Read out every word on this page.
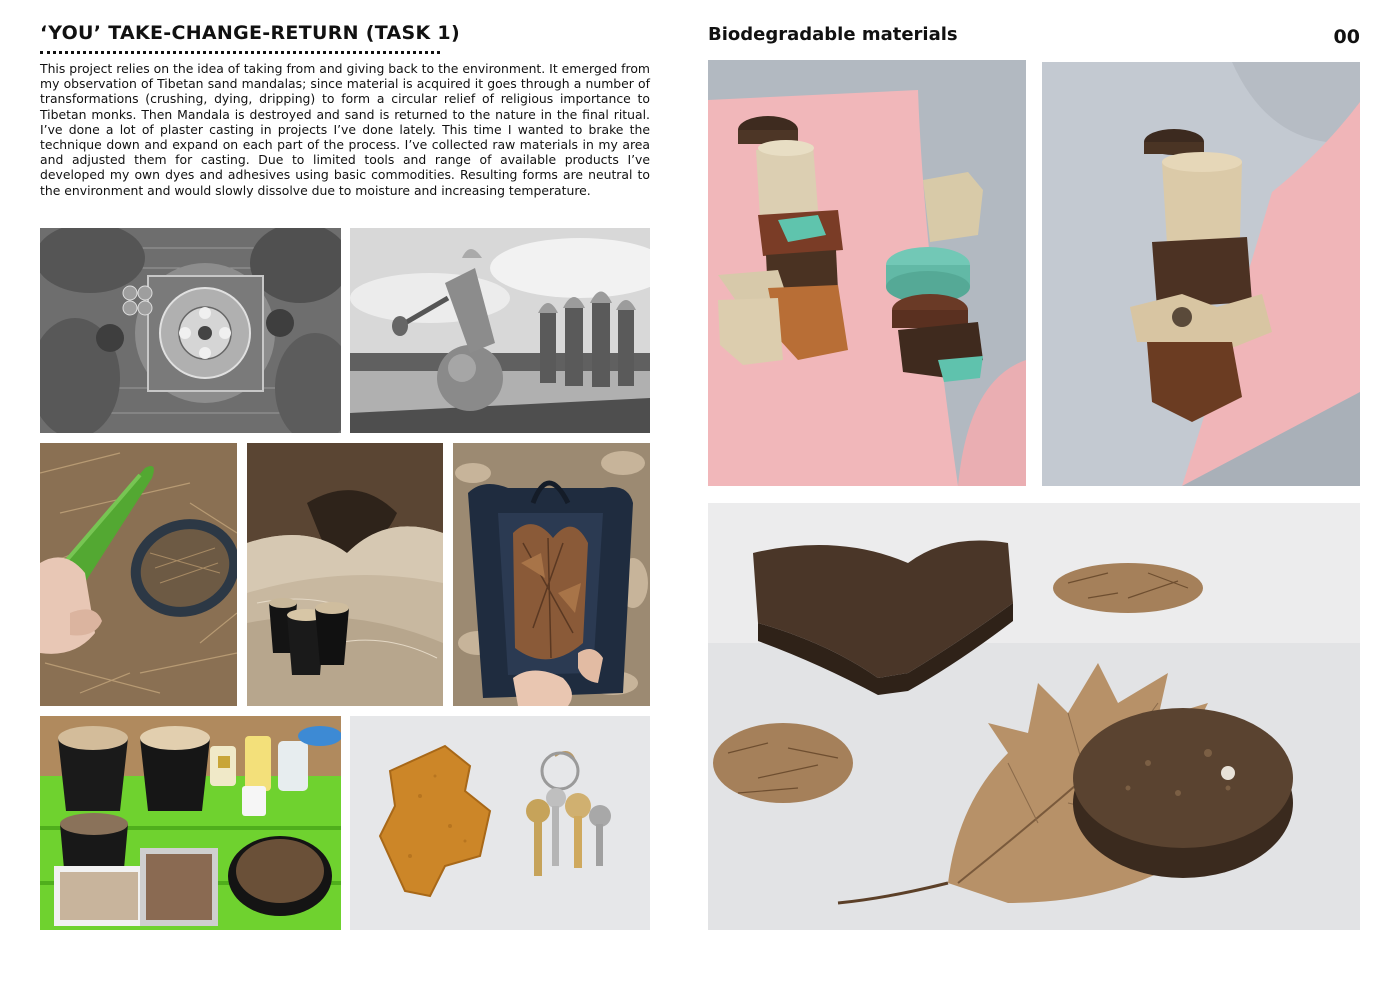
‘YOU’ TAKE-CHANGE-RETURN (TASK 1)
This project relies on the idea of taking from and giving back to the environment. It emerged from my observation of Tibetan sand mandalas; since material is acquired it goes through a number of transformations (crushing, dying, dripping) to form a circular relief of religious importance to Tibetan monks. Then Mandala is destroyed and sand is returned to the nature in the final ritual. I’ve done a lot of plaster casting in projects I’ve done lately. This time I wanted to brake the technique down and expand on each part of the process. I’ve collected raw materials in my area and adjusted them for casting. Due to limited tools and range of available products I’ve developed my own dyes and adhesives using basic commodities. Resulting forms are neutral to the environment and would slowly dissolve due to moisture and increasing temperature.
Biodegradable materials	00
